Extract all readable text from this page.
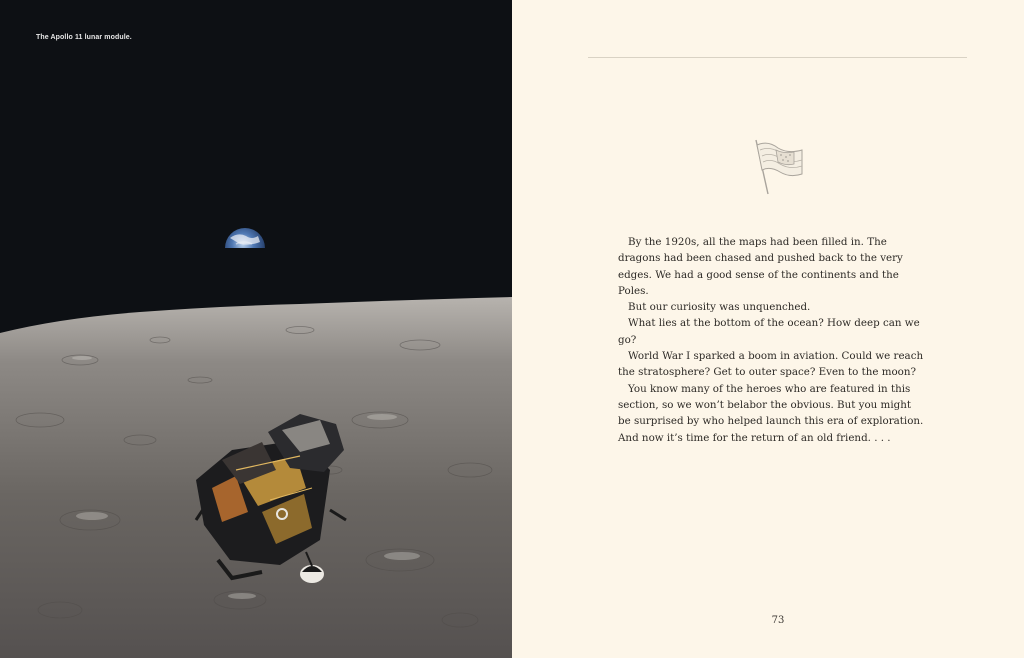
The Apollo 11 lunar module.

By the 1920s, all the maps had been filled in. The dragons had been chased and pushed back to the very edges. We had a good sense of the continents and the Poles.

But our curiosity was unquenched.

What lies at the bottom of the ocean? How deep can we go?

World War I sparked a boom in aviation. Could we reach the stratosphere? Get to outer space? Even to the moon?

You know many of the heroes who are featured in this section, so we won’t belabor the obvious. But you might be surprised by who helped launch this era of exploration. And now it’s time for the return of an old friend. . . .

73
